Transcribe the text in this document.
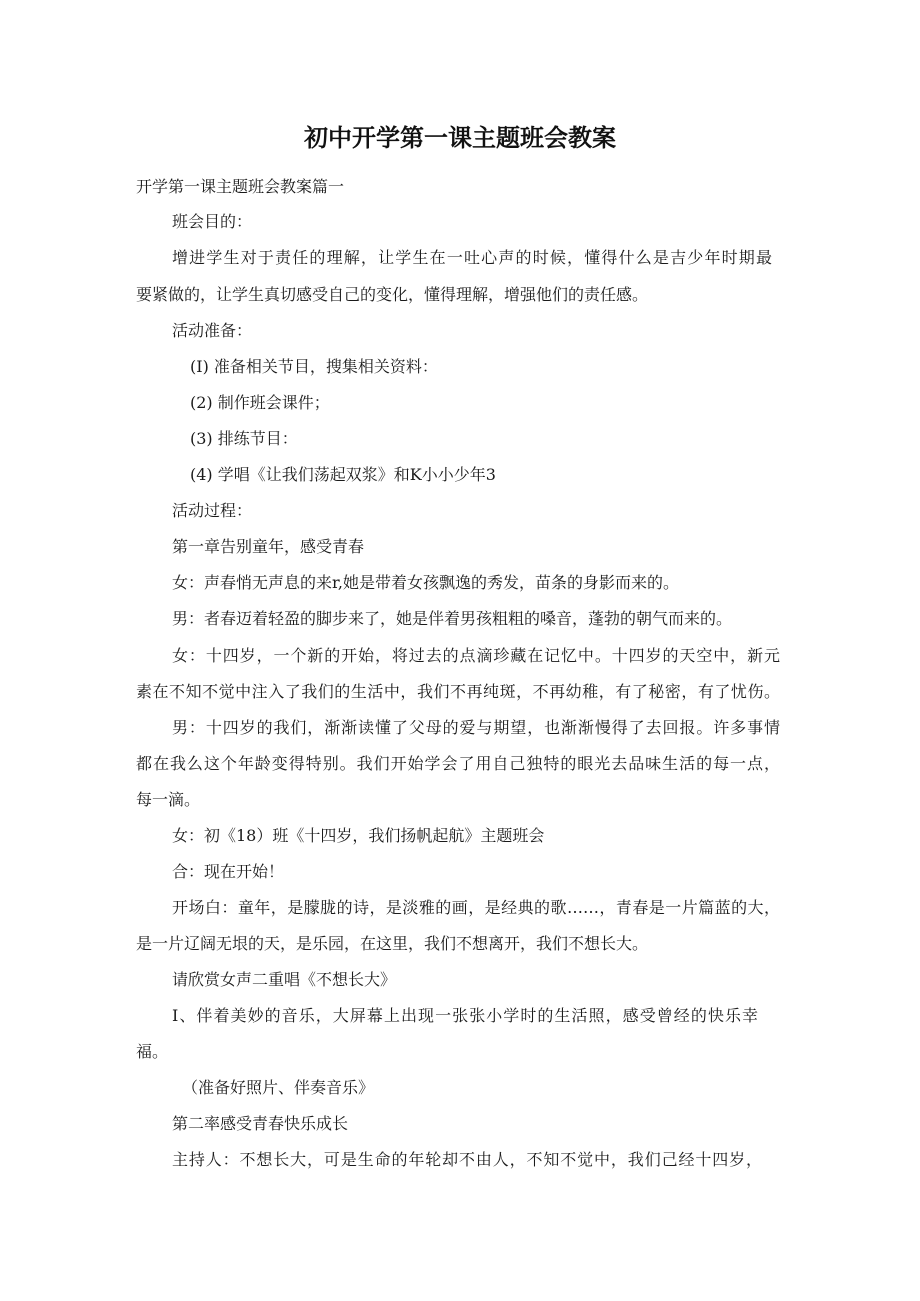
初中开学第一课主题班会教案
开学第一课主题班会教案篇一
班会目的：
增进学生对于责任的理解，让学生在一吐心声的时候，懂得什么是吉少年时期最
要紧做的，让学生真切感受自己的变化，懂得理解，增强他们的责任感。
活动准备：
(I) 准备相关节目，搜集相关资料：
(2) 制作班会课件；
(3) 排练节目：
(4) 学唱《让我们荡起双浆》和K小小少年3
活动过程：
第一章告别童年，感受青春
女：声春悄无声息的来r,她是带着女孩飘逸的秀发，苗条的身影而来的。
男：者春迈着轻盈的脚步来了，她是伴着男孩粗粗的嗓音，蓬勃的朝气而来的。
女：十四岁，一个新的开始，将过去的点滴珍藏在记忆中。十四岁的天空中，新元
素在不知不觉中注入了我们的生活中，我们不再纯斑，不再幼稚，有了秘密，有了忧伤。
男：十四岁的我们，渐渐读懂了父母的爱与期望，也渐渐慢得了去回报。许多事情
都在我么这个年龄变得特别。我们开始学会了用自己独特的眼光去品味生活的每一点，
每一滴。
女：初《18）班《十四岁，我们扬帆起航》主题班会
合：现在开始！
开场白：童年，是朦胧的诗，是淡雅的画，是经典的歌……，青春是一片篇蓝的大，
是一片辽阔无垠的天，是乐园，在这里，我们不想离开，我们不想长大。
请欣赏女声二重唱《不想长大》
I、伴着美妙的音乐，大屏幕上出现一张张小学时的生活照，感受曾经的快乐幸
福。
（准备好照片、伴奏音乐》
第二率感受青春快乐成长
主持人：不想长大，可是生命的年轮却不由人，不知不觉中，我们己经十四岁，
